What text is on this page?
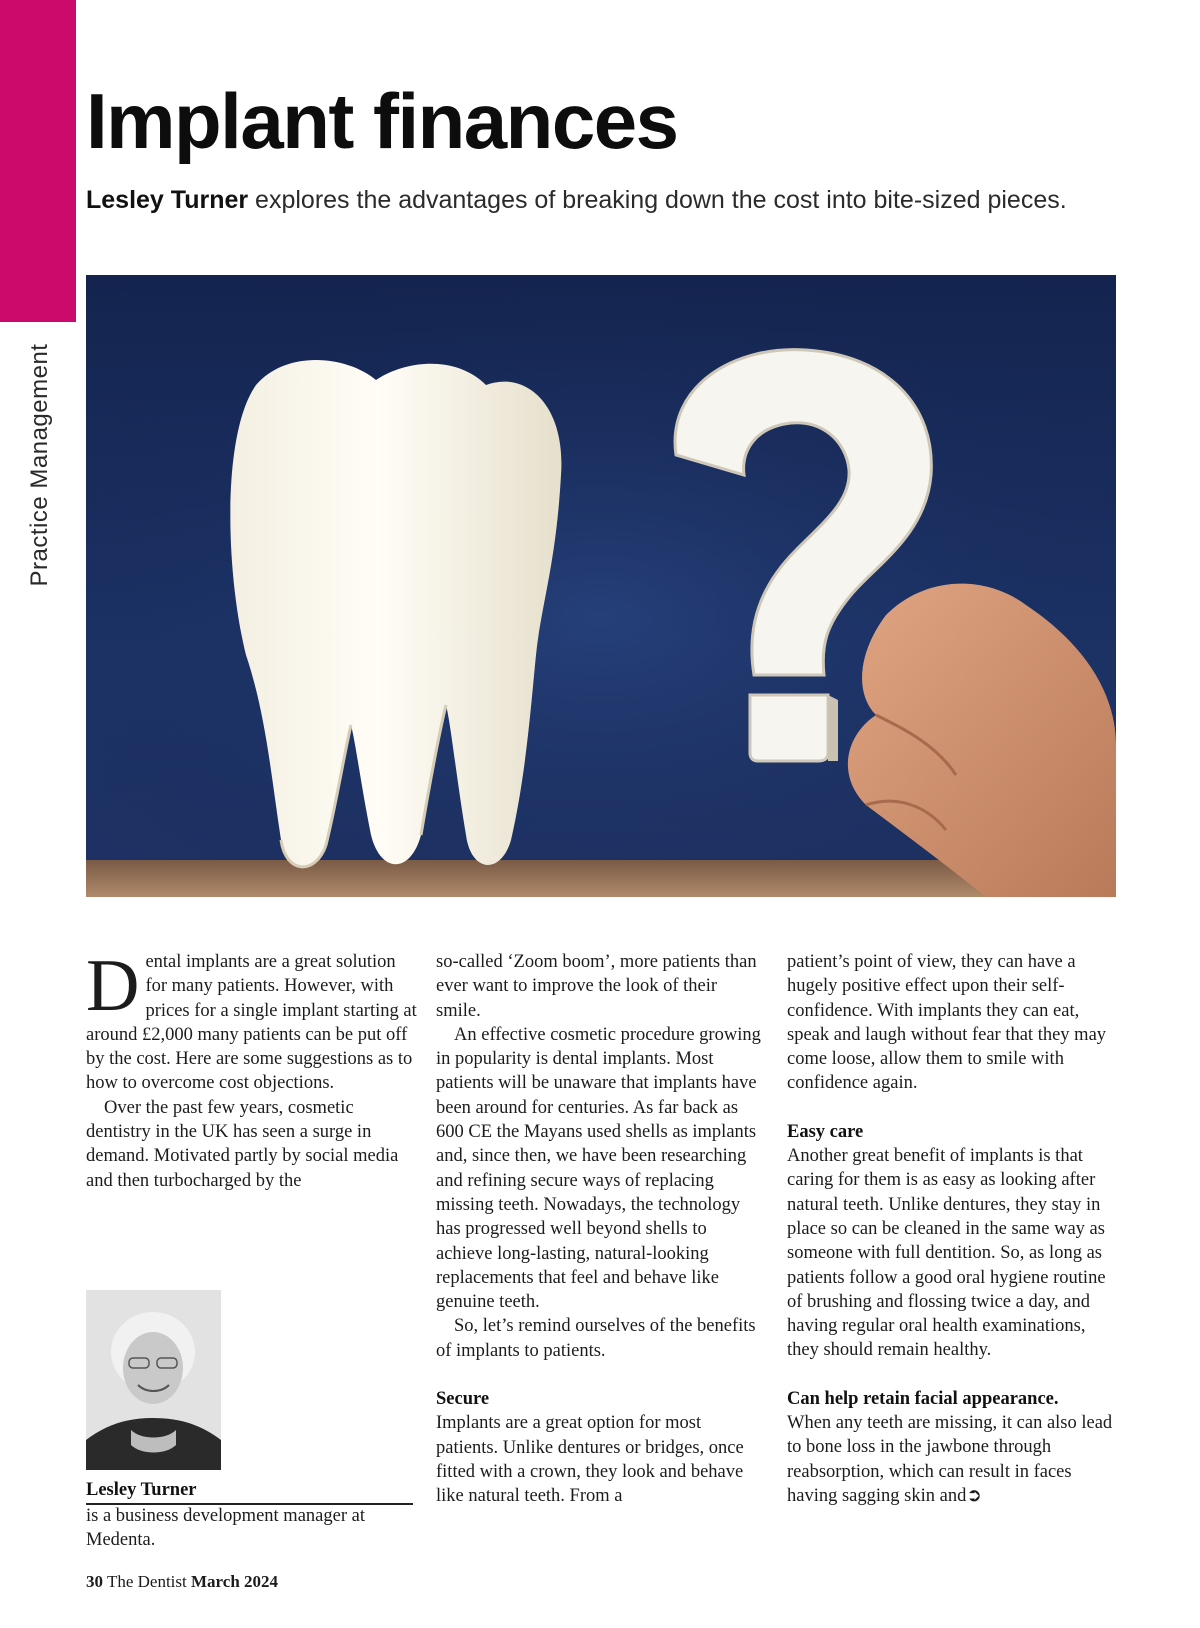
Practice Management
Implant finances
Lesley Turner explores the advantages of breaking down the cost into bite-sized pieces.
D ental implants are a great solution for many patients. However, with prices for a single implant starting at around £2,000 many patients can be put off by the cost. Here are some suggestions as to how to overcome cost objections.

Over the past few years, cosmetic dentistry in the UK has seen a surge in demand. Motivated partly by social media and then turbocharged by the

so-called ‘Zoom boom’, more patients than ever want to improve the look of their smile.

An effective cosmetic procedure growing in popularity is dental implants. Most patients will be unaware that implants have been around for centuries. As far back as 600 CE the Mayans used shells as implants and, since then, we have been researching and refining secure ways of replacing missing teeth. Nowadays, the technology has progressed well beyond shells to achieve long-lasting, natural-looking replacements that feel and behave like genuine teeth.

So, let’s remind ourselves of the benefits of implants to patients.

Secure

Implants are a great option for most patients. Unlike dentures or bridges, once fitted with a crown, they look and behave like natural teeth. From a

patient’s point of view, they can have a hugely positive effect upon their self-confidence. With implants they can eat, speak and laugh without fear that they may come loose, allow them to smile with confidence again.

Easy care

Another great benefit of implants is that caring for them is as easy as looking after natural teeth. Unlike dentures, they stay in place so can be cleaned in the same way as someone with full dentition. So, as long as patients follow a good oral hygiene routine of brushing and flossing twice a day, and having regular oral health examinations, they should remain healthy.

Can help retain facial appearance.

When any teeth are missing, it can also lead to bone loss in the jawbone through reabsorption, which can result in faces having sagging skin and➲

Lesley Turner
is a business development manager at Medenta.
30 The Dentist March 2024
